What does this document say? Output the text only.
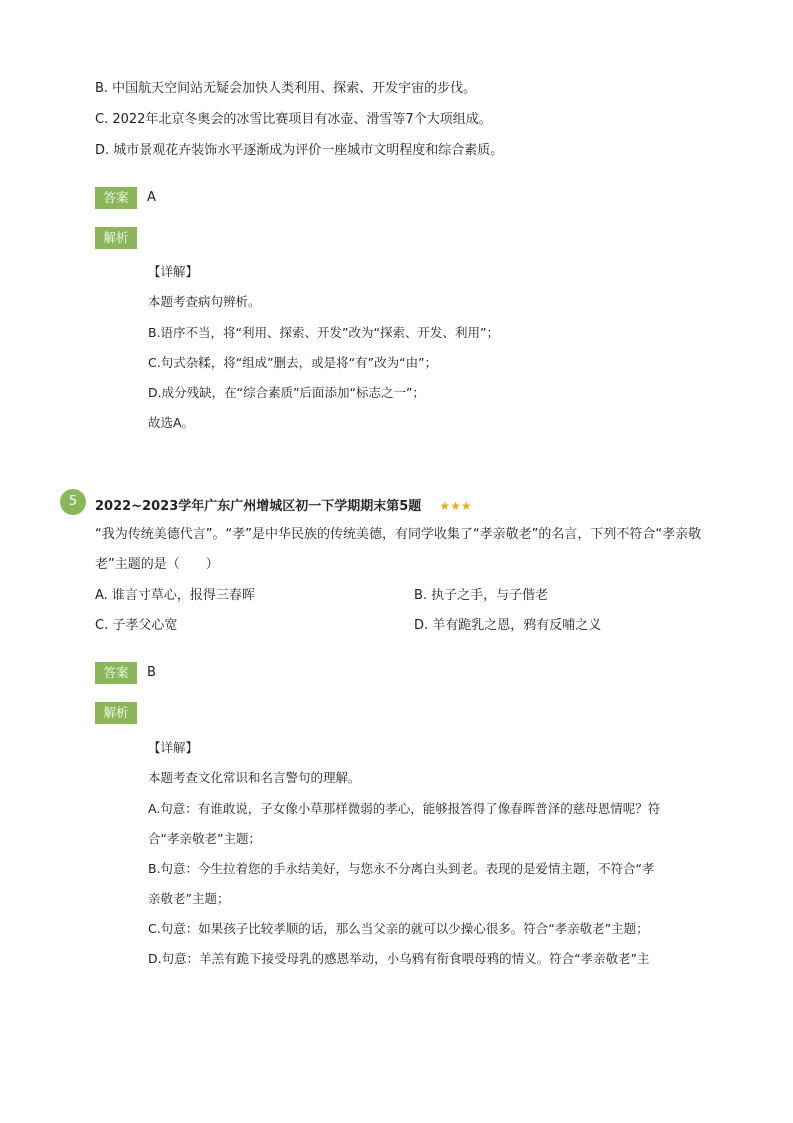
B. 中国航天空间站无疑会加快人类利用、探索、开发宇宙的步伐。
C. 2022年北京冬奥会的冰雪比赛项目有冰壶、滑雪等7个大项组成。
D. 城市景观花卉装饰水平逐渐成为评价一座城市文明程度和综合素质。
答案	A
解析
【详解】
本题考查病句辨析。
B.语序不当，将“利用、探索、开发”改为“探索、开发、利用”；
C.句式杂糅，将“组成”删去，或是将“有”改为“由”；
D.成分残缺，在“综合素质”后面添加“标志之一”；
故选A。
5	2022~2023学年广东广州增城区初一下学期期末第5题 ★★★
“我为传统美德代言”。“孝”是中华民族的传统美德，有同学收集了“孝亲敬老”的名言，下列不符合“孝亲敬
老”主题的是（　　）
A. 谁言寸草心，报得三春晖	B. 执子之手，与子偕老
C. 子孝父心宽	D. 羊有跪乳之恩，鸦有反哺之义
答案	B
解析
【详解】
本题考查文化常识和名言警句的理解。
A.句意：有谁敢说，子女像小草那样微弱的孝心，能够报答得了像春晖普泽的慈母恩情呢？符
合“孝亲敬老”主题；
B.句意：今生拉着您的手永结美好，与您永不分离白头到老。表现的是爱情主题，不符合“孝
亲敬老”主题；
C.句意：如果孩子比较孝顺的话，那么当父亲的就可以少操心很多。符合“孝亲敬老”主题；
D.句意：羊羔有跪下接受母乳的感恩举动，小乌鸦有衔食喂母鸦的情义。符合“孝亲敬老”主
